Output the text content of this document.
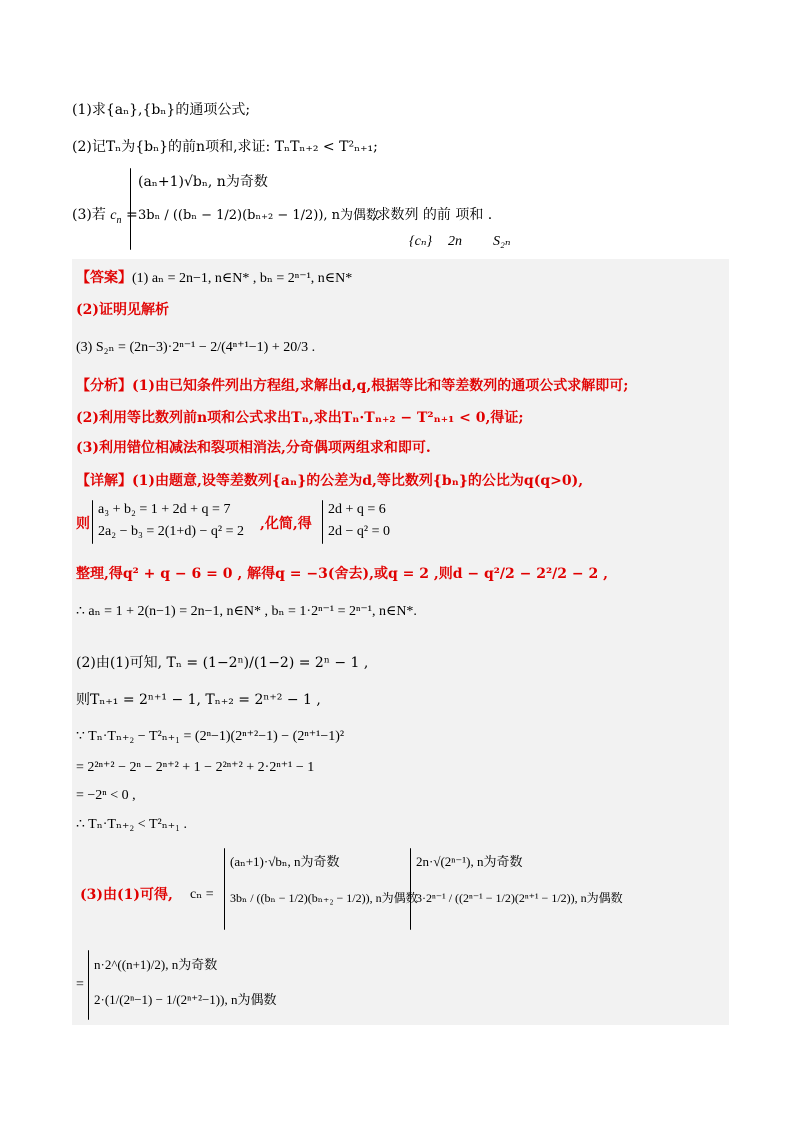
(1)求{aₙ},{bₙ}的通项公式;
(2)记Tₙ为{bₙ}的前n项和,求证: TₙTₙ₊₂ < T²ₙ₊₁;
(3)若 $c_n$ =
(aₙ+1)√bₙ, n为奇数
3bₙ / ((bₙ − 1/2)(bₙ₊₂ − 1/2)), n为偶数
,求数列 的前 项和 .
{cₙ} 2n S₂ₙ
【答案】(1) aₙ = 2n−1, n∈N* , bₙ = 2ⁿ⁻¹, n∈N*
(2)证明见解析
(3) S₂ₙ = (2n−3)·2ⁿ⁻¹ − 2/(4ⁿ⁺¹−1) + 20/3 .
【分析】(1)由已知条件列出方程组,求解出d,q,根据等比和等差数列的通项公式求解即可;
(2)利用等比数列前n项和公式求出Tₙ,求出Tₙ·Tₙ₊₂ − T²ₙ₊₁ < 0,得证;
(3)利用错位相减法和裂项相消法,分奇偶项两组求和即可.
【详解】(1)由题意,设等差数列{aₙ}的公差为d,等比数列{bₙ}的公比为q(q>0),
则
a₃ + b₂ = 1 + 2d + q = 7
2a₂ − b₃ = 2(1+d) − q² = 2 ,化简,得
2d + q = 6
2d − q² = 0
整理,得q² + q − 6 = 0 , 解得q = −3(舍去),或q = 2 ,则d − q²/2 − 2²/2 − 2 ,
∴ aₙ = 1 + 2(n−1) = 2n−1, n∈N* , bₙ = 1·2ⁿ⁻¹ = 2ⁿ⁻¹, n∈N*.
(2)由(1)可知, Tₙ = (1−2ⁿ)/(1−2) = 2ⁿ − 1 ,
则Tₙ₊₁ = 2ⁿ⁺¹ − 1, Tₙ₊₂ = 2ⁿ⁺² − 1 ,
∵ Tₙ·Tₙ₊₂ − T²ₙ₊₁ = (2ⁿ−1)(2ⁿ⁺²−1) − (2ⁿ⁺¹−1)²
= 2²ⁿ⁺² − 2ⁿ − 2ⁿ⁺² + 1 − 2²ⁿ⁺² + 2·2ⁿ⁺¹ − 1
= −2ⁿ < 0 ,
∴ Tₙ·Tₙ₊₂ < T²ₙ₊₁ .
(3)由(1)可得, cₙ =
(aₙ+1)·√bₙ, n为奇数
3bₙ / ((bₙ − 1/2)(bₙ₊₂ − 1/2)), n为偶数
2n·√(2ⁿ⁻¹), n为奇数
3·2ⁿ⁻¹ / ((2ⁿ⁻¹ − 1/2)(2ⁿ⁺¹ − 1/2)), n为偶数
=
n·2^((n+1)/2), n为奇数
2·(1/(2ⁿ−1) − 1/(2ⁿ⁺²−1)), n为偶数
